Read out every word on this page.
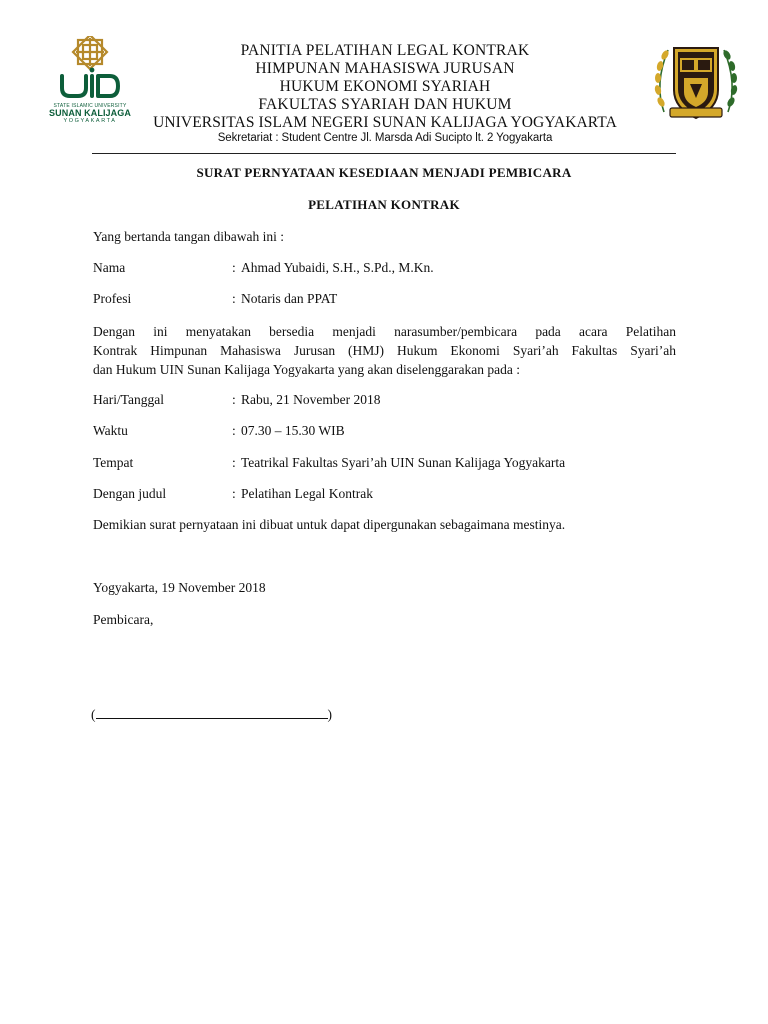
STATE ISLAMIC UNIVERSITY
SUNAN KALIJAGA
YOGYAKARTA
PANITIA PELATIHAN LEGAL KONTRAK
HIMPUNAN MAHASISWA JURUSAN
HUKUM EKONOMI SYARIAH
FAKULTAS SYARIAH DAN HUKUM
UNIVERSITAS ISLAM NEGERI SUNAN KALIJAGA YOGYAKARTA
Sekretariat : Student Centre Jl. Marsda Adi Sucipto lt. 2 Yogyakarta
SURAT PERNYATAAN KESEDIAAN MENJADI PEMBICARA
PELATIHAN KONTRAK
Yang bertanda tangan dibawah ini :
Nama	: Ahmad Yubaidi, S.H., S.Pd., M.Kn.
Profesi	: Notaris dan PPAT
Dengan ini menyatakan bersedia menjadi narasumber/pembicara pada acara Pelatihan
Kontrak Himpunan Mahasiswa Jurusan (HMJ) Hukum Ekonomi Syari’ah Fakultas Syari’ah
dan Hukum UIN Sunan Kalijaga Yogyakarta yang akan diselenggarakan pada :
Hari/Tanggal	: Rabu, 21 November 2018
Waktu	: 07.30 – 15.30 WIB
Tempat	: Teatrikal Fakultas Syari’ah UIN Sunan Kalijaga Yogyakarta
Dengan judul	: Pelatihan Legal Kontrak
Demikian surat pernyataan ini dibuat untuk dapat dipergunakan sebagaimana mestinya.
Yogyakarta, 19 November 2018
Pembicara,
(	)
